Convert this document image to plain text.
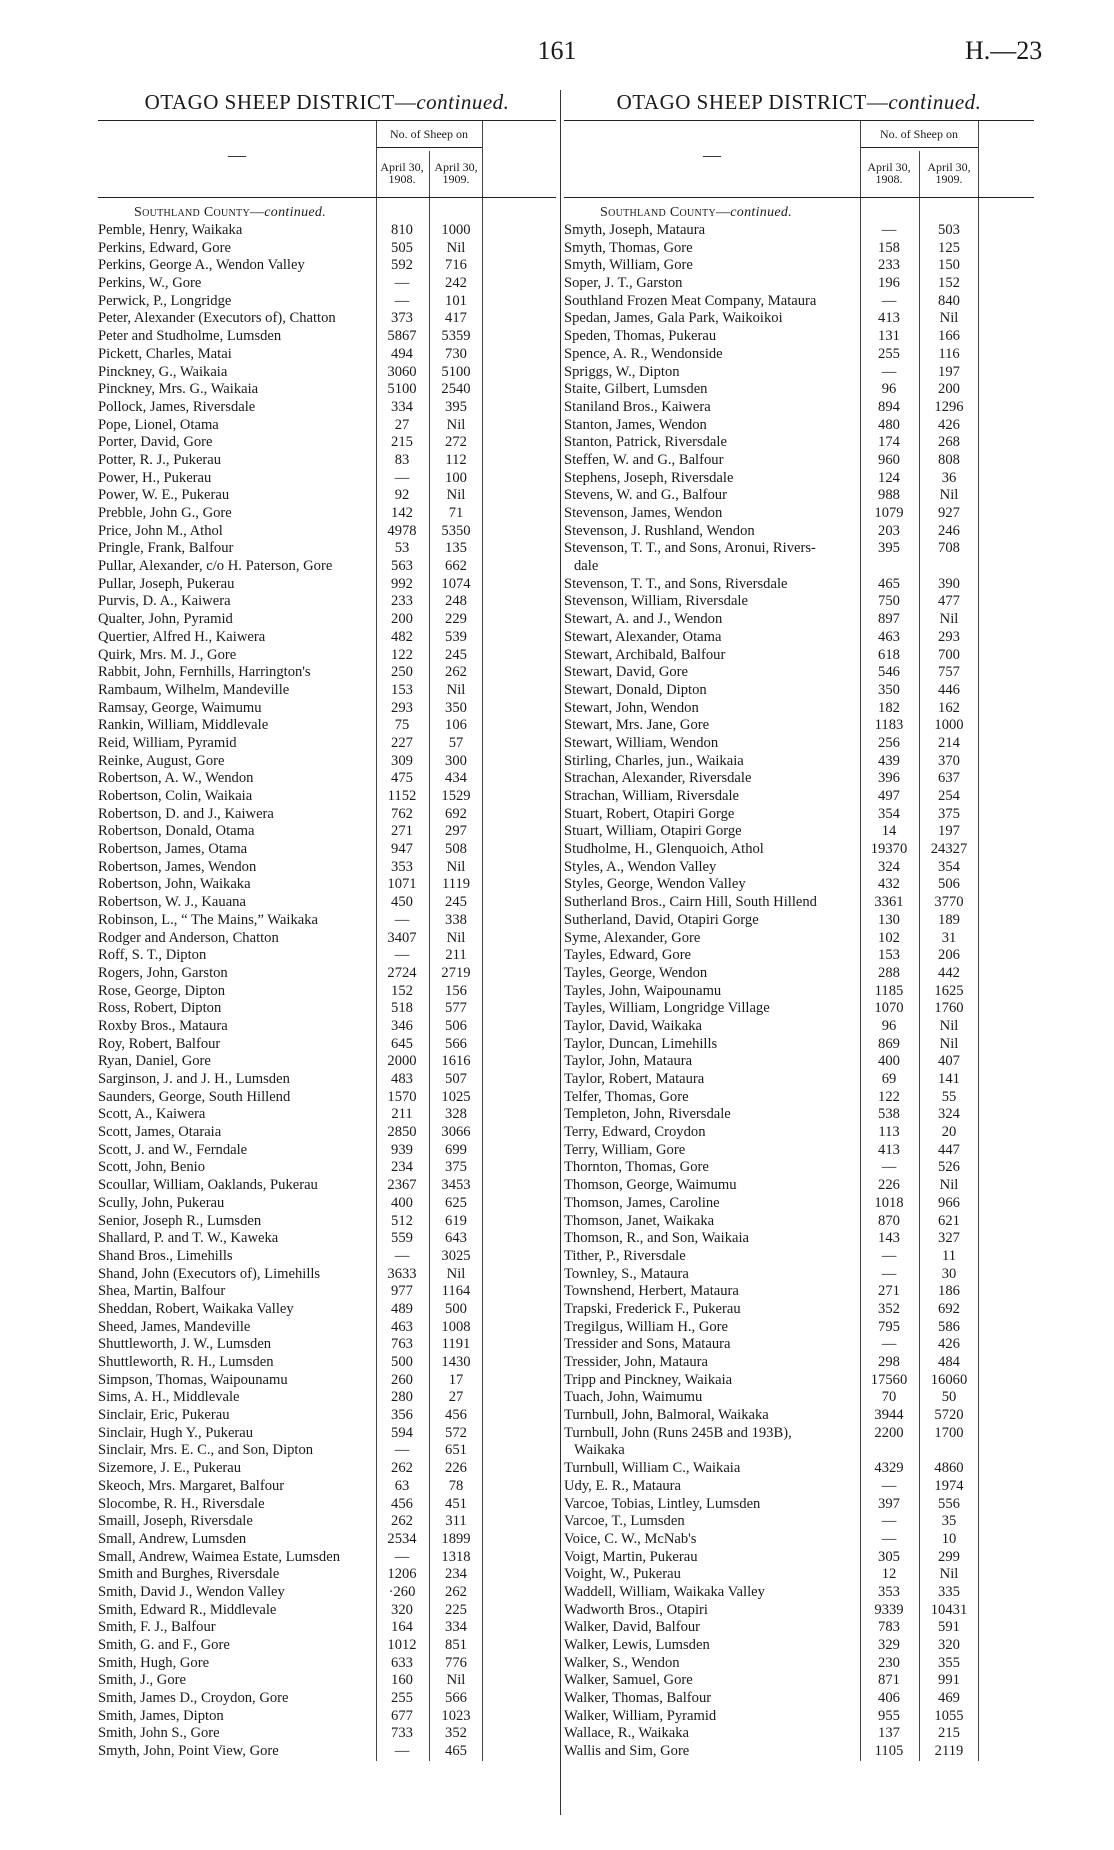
161	H.—23
OTAGO SHEEP DISTRICT—continued.
—
No. of Sheep on
April 30, 1908.
April 30, 1909.
Southland County—continued.
Pemble, Henry, Waikaka	810	1000
Perkins, Edward, Gore	505	Nil
Perkins, George A., Wendon Valley	592	716
Perkins, W., Gore	—	242
Perwick, P., Longridge	—	101
Peter, Alexander (Executors of), Chatton	373	417
Peter and Studholme, Lumsden	5867	5359
Pickett, Charles, Matai	494	730
Pinckney, G., Waikaia	3060	5100
Pinckney, Mrs. G., Waikaia	5100	2540
Pollock, James, Riversdale	334	395
Pope, Lionel, Otama	27	Nil
Porter, David, Gore	215	272
Potter, R. J., Pukerau	83	112
Power, H., Pukerau	—	100
Power, W. E., Pukerau	92	Nil
Prebble, John G., Gore	142	71
Price, John M., Athol	4978	5350
Pringle, Frank, Balfour	53	135
Pullar, Alexander, c/o H. Paterson, Gore	563	662
Pullar, Joseph, Pukerau	992	1074
Purvis, D. A., Kaiwera	233	248
Qualter, John, Pyramid	200	229
Quertier, Alfred H., Kaiwera	482	539
Quirk, Mrs. M. J., Gore	122	245
Rabbit, John, Fernhills, Harrington's	250	262
Rambaum, Wilhelm, Mandeville	153	Nil
Ramsay, George, Waimumu	293	350
Rankin, William, Middlevale	75	106
Reid, William, Pyramid	227	57
Reinke, August, Gore	309	300
Robertson, A. W., Wendon	475	434
Robertson, Colin, Waikaia	1152	1529
Robertson, D. and J., Kaiwera	762	692
Robertson, Donald, Otama	271	297
Robertson, James, Otama	947	508
Robertson, James, Wendon	353	Nil
Robertson, John, Waikaka	1071	1119
Robertson, W. J., Kauana	450	245
Robinson, L., “ The Mains,” Waikaka	—	338
Rodger and Anderson, Chatton	3407	Nil
Roff, S. T., Dipton	—	211
Rogers, John, Garston	2724	2719
Rose, George, Dipton	152	156
Ross, Robert, Dipton	518	577
Roxby Bros., Mataura	346	506
Roy, Robert, Balfour	645	566
Ryan, Daniel, Gore	2000	1616
Sarginson, J. and J. H., Lumsden	483	507
Saunders, George, South Hillend	1570	1025
Scott, A., Kaiwera	211	328
Scott, James, Otaraia	2850	3066
Scott, J. and W., Ferndale	939	699
Scott, John, Benio	234	375
Scoullar, William, Oaklands, Pukerau	2367	3453
Scully, John, Pukerau	400	625
Senior, Joseph R., Lumsden	512	619
Shallard, P. and T. W., Kaweka	559	643
Shand Bros., Limehills	—	3025
Shand, John (Executors of), Limehills	3633	Nil
Shea, Martin, Balfour	977	1164
Sheddan, Robert, Waikaka Valley	489	500
Sheed, James, Mandeville	463	1008
Shuttleworth, J. W., Lumsden	763	1191
Shuttleworth, R. H., Lumsden	500	1430
Simpson, Thomas, Waipounamu	260	17
Sims, A. H., Middlevale	280	27
Sinclair, Eric, Pukerau	356	456
Sinclair, Hugh Y., Pukerau	594	572
Sinclair, Mrs. E. C., and Son, Dipton	—	651
Sizemore, J. E., Pukerau	262	226
Skeoch, Mrs. Margaret, Balfour	63	78
Slocombe, R. H., Riversdale	456	451
Smaill, Joseph, Riversdale	262	311
Small, Andrew, Lumsden	2534	1899
Small, Andrew, Waimea Estate, Lumsden	—	1318
Smith and Burghes, Riversdale	1206	234
Smith, David J., Wendon Valley	·260	262
Smith, Edward R., Middlevale	320	225
Smith, F. J., Balfour	164	334
Smith, G. and F., Gore	1012	851
Smith, Hugh, Gore	633	776
Smith, J., Gore	160	Nil
Smith, James D., Croydon, Gore	255	566
Smith, James, Dipton	677	1023
Smith, John S., Gore	733	352
Smyth, John, Point View, Gore	—	465
OTAGO SHEEP DISTRICT—continued.
—
No. of Sheep on
April 30, 1908.
April 30, 1909.
Southland County—continued.
Smyth, Joseph, Mataura	—	503
Smyth, Thomas, Gore	158	125
Smyth, William, Gore	233	150
Soper, J. T., Garston	196	152
Southland Frozen Meat Company, Mataura	—	840
Spedan, James, Gala Park, Waikoikoi	413	Nil
Speden, Thomas, Pukerau	131	166
Spence, A. R., Wendonside	255	116
Spriggs, W., Dipton	—	197
Staite, Gilbert, Lumsden	96	200
Staniland Bros., Kaiwera	894	1296
Stanton, James, Wendon	480	426
Stanton, Patrick, Riversdale	174	268
Steffen, W. and G., Balfour	960	808
Stephens, Joseph, Riversdale	124	36
Stevens, W. and G., Balfour	988	Nil
Stevenson, James, Wendon	1079	927
Stevenson, J. Rushland, Wendon	203	246
Stevenson, T. T., and Sons, Aronui, Rivers-
dale
395	708
Stevenson, T. T., and Sons, Riversdale	465	390
Stevenson, William, Riversdale	750	477
Stewart, A. and J., Wendon	897	Nil
Stewart, Alexander, Otama	463	293
Stewart, Archibald, Balfour	618	700
Stewart, David, Gore	546	757
Stewart, Donald, Dipton	350	446
Stewart, John, Wendon	182	162
Stewart, Mrs. Jane, Gore	1183	1000
Stewart, William, Wendon	256	214
Stirling, Charles, jun., Waikaia	439	370
Strachan, Alexander, Riversdale	396	637
Strachan, William, Riversdale	497	254
Stuart, Robert, Otapiri Gorge	354	375
Stuart, William, Otapiri Gorge	14	197
Studholme, H., Glenquoich, Athol	19370	24327
Styles, A., Wendon Valley	324	354
Styles, George, Wendon Valley	432	506
Sutherland Bros., Cairn Hill, South Hillend	3361	3770
Sutherland, David, Otapiri Gorge	130	189
Syme, Alexander, Gore	102	31
Tayles, Edward, Gore	153	206
Tayles, George, Wendon	288	442
Tayles, John, Waipounamu	1185	1625
Tayles, William, Longridge Village	1070	1760
Taylor, David, Waikaka	96	Nil
Taylor, Duncan, Limehills	869	Nil
Taylor, John, Mataura	400	407
Taylor, Robert, Mataura	69	141
Telfer, Thomas, Gore	122	55
Templeton, John, Riversdale	538	324
Terry, Edward, Croydon	113	20
Terry, William, Gore	413	447
Thornton, Thomas, Gore	—	526
Thomson, George, Waimumu	226	Nil
Thomson, James, Caroline	1018	966
Thomson, Janet, Waikaka	870	621
Thomson, R., and Son, Waikaia	143	327
Tither, P., Riversdale	—	11
Townley, S., Mataura	—	30
Townshend, Herbert, Mataura	271	186
Trapski, Frederick F., Pukerau	352	692
Tregilgus, William H., Gore	795	586
Tressider and Sons, Mataura	—	426
Tressider, John, Mataura	298	484
Tripp and Pinckney, Waikaia	17560	16060
Tuach, John, Waimumu	70	50
Turnbull, John, Balmoral, Waikaka	3944	5720
Turnbull, John (Runs 245B and 193B),
Waikaka
2200	1700
Turnbull, William C., Waikaia	4329	4860
Udy, E. R., Mataura	—	1974
Varcoe, Tobias, Lintley, Lumsden	397	556
Varcoe, T., Lumsden	—	35
Voice, C. W., McNab's	—	10
Voigt, Martin, Pukerau	305	299
Voight, W., Pukerau	12	Nil
Waddell, William, Waikaka Valley	353	335
Wadworth Bros., Otapiri	9339	10431
Walker, David, Balfour	783	591
Walker, Lewis, Lumsden	329	320
Walker, S., Wendon	230	355
Walker, Samuel, Gore	871	991
Walker, Thomas, Balfour	406	469
Walker, William, Pyramid	955	1055
Wallace, R., Waikaka	137	215
Wallis and Sim, Gore	1105	2119
